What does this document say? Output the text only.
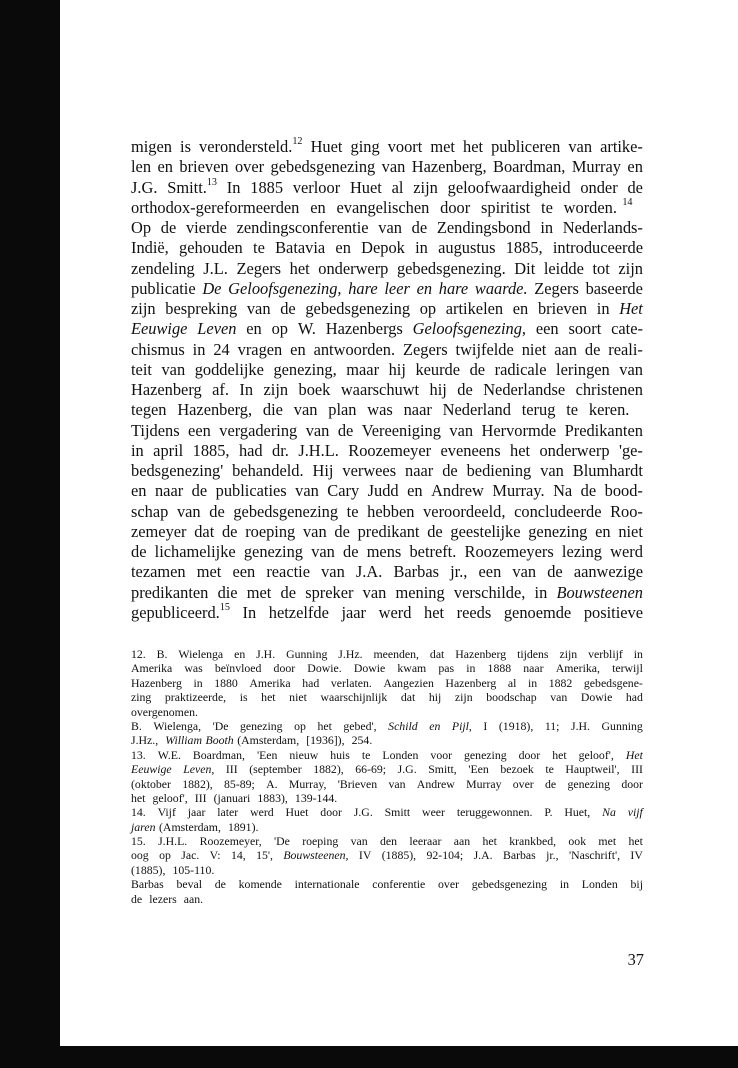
migen is verondersteld.$^{12}$ Huet ging voort met het publiceren van artike-
len en brieven over gebedsgenezing van Hazenberg, Boardman, Murray en
J.G. Smitt.$^{13}$ In 1885 verloor Huet al zijn geloofwaardigheid onder de
orthodox-gereformeerden en evangelischen door spiritist te worden. $^{14}$
Op de vierde zendingsconferentie van de Zendingsbond in Nederlands-
Indië, gehouden te Batavia en Depok in augustus 1885, introduceerde
zendeling J.L. Zegers het onderwerp gebedsgenezing. Dit leidde tot zijn
publicatie De Geloofsgenezing, hare leer en hare waarde. Zegers baseerde
zijn bespreking van de gebedsgenezing op artikelen en brieven in Het
Eeuwige Leven en op W. Hazenbergs Geloofsgenezing, een soort cate-
chismus in 24 vragen en antwoorden. Zegers twijfelde niet aan de reali-
teit van goddelijke genezing, maar hij keurde de radicale leringen van
Hazenberg af. In zijn boek waarschuwt hij de Nederlandse christenen
tegen Hazenberg, die van plan was naar Nederland terug te keren.
Tijdens een vergadering van de Vereeniging van Hervormde Predikanten
in april 1885, had dr. J.H.L. Roozemeyer eveneens het onderwerp 'ge-
bedsgenezing' behandeld. Hij verwees naar de bediening van Blumhardt
en naar de publicaties van Cary Judd en Andrew Murray. Na de bood-
schap van de gebedsgenezing te hebben veroordeeld, concludeerde Roo-
zemeyer dat de roeping van de predikant de geestelijke genezing en niet
de lichamelijke genezing van de mens betreft. Roozemeyers lezing werd
tezamen met een reactie van J.A. Barbas jr., een van de aanwezige
predikanten die met de spreker van mening verschilde, in Bouwsteenen
gepubliceerd.$^{15}$ In hetzelfde jaar werd het reeds genoemde positieve
12. B. Wielenga en J.H. Gunning J.Hz. meenden, dat Hazenberg tijdens zijn verblijf in
Amerika was beïnvloed door Dowie. Dowie kwam pas in 1888 naar Amerika, terwijl
Hazenberg in 1880 Amerika had verlaten. Aangezien Hazenberg al in 1882 gebedsgene-
zing praktizeerde, is het niet waarschijnlijk dat hij zijn boodschap van Dowie had
overgenomen.
B. Wielenga, 'De genezing op het gebed', Schild en Pijl, I (1918), 11; J.H. Gunning
J.Hz., William Booth (Amsterdam, [1936]), 254.
13. W.E. Boardman, 'Een nieuw huis te Londen voor genezing door het geloof', Het
Eeuwige Leven, III (september 1882), 66-69; J.G. Smitt, 'Een bezoek te Hauptweil', III
(oktober 1882), 85-89; A. Murray, 'Brieven van Andrew Murray over de genezing door
het geloof', III (januari 1883), 139-144.
14. Vijf jaar later werd Huet door J.G. Smitt weer teruggewonnen. P. Huet, Na vijf
jaren (Amsterdam, 1891).
15. J.H.L. Roozemeyer, 'De roeping van den leeraar aan het krankbed, ook met het
oog op Jac. V: 14, 15', Bouwsteenen, IV (1885), 92-104; J.A. Barbas jr., 'Naschrift', IV
(1885), 105-110.
Barbas beval de komende internationale conferentie over gebedsgenezing in Londen bij
de lezers aan.
37
